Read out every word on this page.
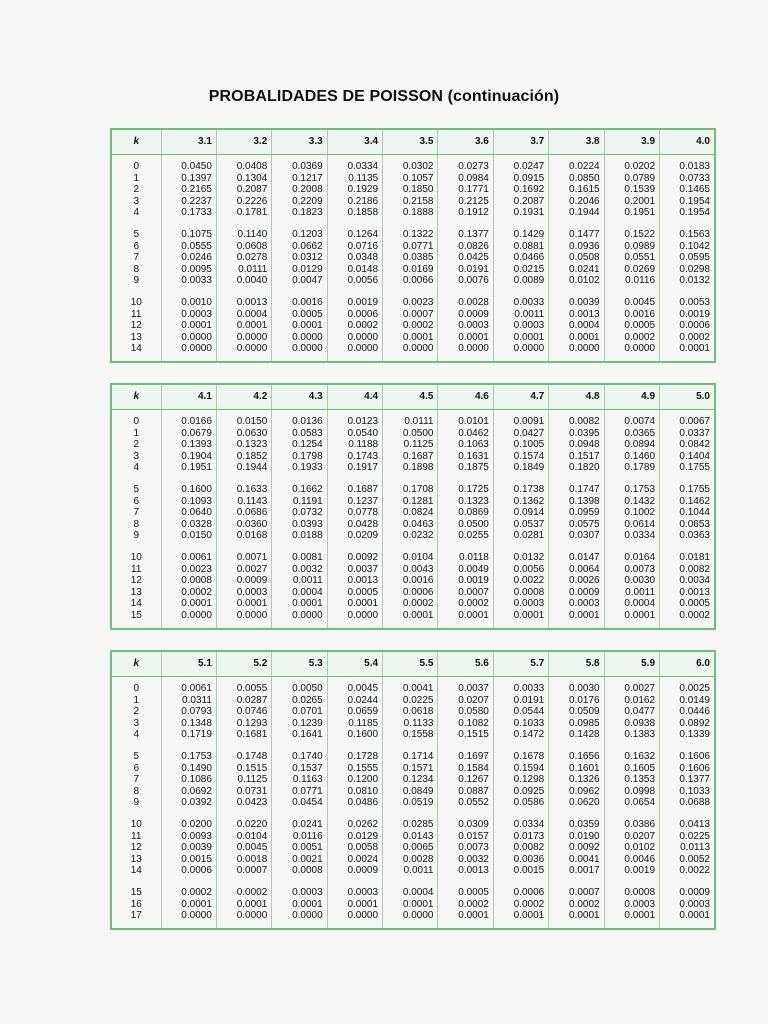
PROBALIDADES DE POISSON (continuación)
k	3.1	3.2	3.3	3.4	3.5	3.6	3.7	3.8	3.9	4.0

0	0.0450	0.0408	0.0369	0.0334	0.0302	0.0273	0.0247	0.0224	0.0202	0.0183
1	0.1397	0.1304	0.1217	0.1135	0.1057	0.0984	0.0915	0.0850	0.0789	0.0733
2	0.2165	0.2087	0.2008	0.1929	0.1850	0.1771	0.1692	0.1615	0.1539	0.1465
3	0.2237	0.2226	0.2209	0.2186	0.2158	0.2125	0.2087	0.2046	0.2001	0.1954
4	0.1733	0.1781	0.1823	0.1858	0.1888	0.1912	0.1931	0.1944	0.1951	0.1954

5	0.1075	0.1140	0.1203	0.1264	0.1322	0.1377	0.1429	0.1477	0.1522	0.1563
6	0.0555	0.0608	0.0662	0.0716	0.0771	0.0826	0.0881	0.0936	0.0989	0.1042
7	0.0246	0.0278	0.0312	0.0348	0.0385	0.0425	0.0466	0.0508	0.0551	0.0595
8	0.0095	0.0111	0.0129	0.0148	0.0169	0.0191	0.0215	0.0241	0.0269	0.0298
9	0.0033	0.0040	0.0047	0.0056	0.0066	0.0076	0.0089	0.0102	0.0116	0.0132

10	0.0010	0.0013	0.0016	0.0019	0.0023	0.0028	0.0033	0.0039	0.0045	0.0053
11	0.0003	0.0004	0.0005	0.0006	0.0007	0.0009	0.0011	0.0013	0.0016	0.0019
12	0.0001	0.0001	0.0001	0.0002	0.0002	0.0003	0.0003	0.0004	0.0005	0.0006
13	0.0000	0.0000	0.0000	0.0000	0.0001	0.0001	0.0001	0.0001	0.0002	0.0002
14	0.0000	0.0000	0.0000	0.0000	0.0000	0.0000	0.0000	0.0000	0.0000	0.0001

k	4.1	4.2	4.3	4.4	4.5	4.6	4.7	4.8	4.9	5.0

0	0.0166	0.0150	0.0136	0.0123	0.0111	0.0101	0.0091	0.0082	0.0074	0.0067
1	0.0679	0.0630	0.0583	0.0540	0.0500	0.0462	0.0427	0.0395	0.0365	0.0337
2	0.1393	0.1323	0.1254	0.1188	0.1125	0.1063	0.1005	0.0948	0.0894	0.0842
3	0.1904	0.1852	0.1798	0.1743	0.1687	0.1631	0.1574	0.1517	0.1460	0.1404
4	0.1951	0.1944	0.1933	0.1917	0.1898	0.1875	0.1849	0.1820	0.1789	0.1755

5	0.1600	0.1633	0.1662	0.1687	0.1708	0.1725	0.1738	0.1747	0.1753	0.1755
6	0.1093	0.1143	0.1191	0.1237	0.1281	0.1323	0.1362	0.1398	0.1432	0.1462
7	0.0640	0.0686	0.0732	0.0778	0.0824	0.0869	0.0914	0.0959	0.1002	0.1044
8	0.0328	0.0360	0.0393	0.0428	0.0463	0.0500	0.0537	0.0575	0.0614	0.0653
9	0.0150	0.0168	0.0188	0.0209	0.0232	0.0255	0.0281	0.0307	0.0334	0.0363

10	0.0061	0.0071	0.0081	0.0092	0.0104	0.0118	0.0132	0.0147	0.0164	0.0181
11	0.0023	0.0027	0.0032	0.0037	0.0043	0.0049	0.0056	0.0064	0.0073	0.0082
12	0.0008	0.0009	0.0011	0.0013	0.0016	0.0019	0.0022	0.0026	0.0030	0.0034
13	0.0002	0.0003	0.0004	0.0005	0.0006	0.0007	0.0008	0.0009	0.0011	0.0013
14	0.0001	0.0001	0.0001	0.0001	0.0002	0.0002	0.0003	0.0003	0.0004	0.0005
15	0.0000	0.0000	0.0000	0.0000	0.0001	0.0001	0.0001	0.0001	0.0001	0.0002

k	5.1	5.2	5.3	5.4	5.5	5.6	5.7	5.8	5.9	6.0

0	0.0061	0.0055	0.0050	0.0045	0.0041	0.0037	0.0033	0.0030	0.0027	0.0025
1	0.0311	0.0287	0.0265	0.0244	0.0225	0.0207	0.0191	0.0176	0.0162	0.0149
2	0.0793	0.0746	0.0701	0.0659	0.0618	0.0580	0.0544	0.0509	0.0477	0.0446
3	0.1348	0.1293	0.1239	0.1185	0.1133	0.1082	0.1033	0.0985	0.0938	0.0892
4	0.1719	0.1681	0.1641	0.1600	0.1558	0.1515	0.1472	0.1428	0.1383	0.1339

5	0.1753	0.1748	0.1740	0.1728	0.1714	0.1697	0.1678	0.1656	0.1632	0.1606
6	0.1490	0.1515	0.1537	0.1555	0.1571	0.1584	0.1594	0.1601	0.1605	0.1606
7	0.1086	0.1125	0.1163	0.1200	0.1234	0.1267	0.1298	0.1326	0.1353	0.1377
8	0.0692	0.0731	0.0771	0.0810	0.0849	0.0887	0.0925	0.0962	0.0998	0.1033
9	0.0392	0.0423	0.0454	0.0486	0.0519	0.0552	0.0586	0.0620	0.0654	0.0688

10	0.0200	0.0220	0.0241	0.0262	0.0285	0.0309	0.0334	0.0359	0.0386	0.0413
11	0.0093	0.0104	0.0116	0.0129	0.0143	0.0157	0.0173	0.0190	0.0207	0.0225
12	0.0039	0.0045	0.0051	0.0058	0.0065	0.0073	0.0082	0.0092	0.0102	0.0113
13	0.0015	0.0018	0.0021	0.0024	0.0028	0.0032	0.0036	0.0041	0.0046	0.0052
14	0.0006	0.0007	0.0008	0.0009	0.0011	0.0013	0.0015	0.0017	0.0019	0.0022

15	0.0002	0.0002	0.0003	0.0003	0.0004	0.0005	0.0006	0.0007	0.0008	0.0009
16	0.0001	0.0001	0.0001	0.0001	0.0001	0.0002	0.0002	0.0002	0.0003	0.0003
17	0.0000	0.0000	0.0000	0.0000	0.0000	0.0001	0.0001	0.0001	0.0001	0.0001
